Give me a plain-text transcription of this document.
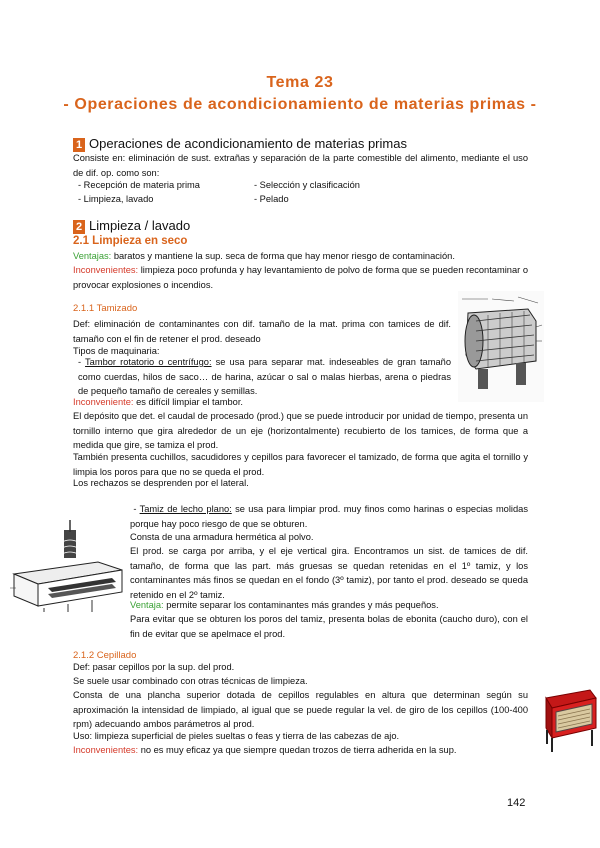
Tema 23
- Operaciones de acondicionamiento de materias primas -
1 Operaciones de acondicionamiento de materias primas
Consiste en: eliminación de sust. extrañas y separación de la parte comestible del alimento, mediante el uso de dif. op. como son:
- Recepción de materia prima	- Selección y clasificación
- Limpieza, lavado	- Pelado
2 Limpieza / lavado
2.1 Limpieza en seco
Ventajas: baratos y mantiene la sup. seca de forma que hay menor riesgo de contaminación.
Inconvenientes: limpieza poco profunda y hay levantamiento de polvo de forma que se pueden recontaminar o provocar explosiones o incendios.
2.1.1 Tamizado
Def: eliminación de contaminantes con dif. tamaño de la mat. prima con tamices de dif. tamaño con el fin de retener el prod. deseado
Tipos de maquinaria:
- Tambor rotatorio o centrífugo: se usa para separar mat. indeseables de gran tamaño como cuerdas, hilos de saco… de harina, azúcar o sal o malas hierbas, arena o piedras de pequeño tamaño de cereales y semillas.
Inconveniente: es difícil limpiar el tambor.
El depósito que det. el caudal de procesado (prod.) que se puede introducir por unidad de tiempo, presenta un tornillo interno que gira alrededor de un eje (horizontalmente) recubierto de los tamices, de forma que a medida que gire, se tamiza el prod.
También presenta cuchillos, sacudidores y cepillos para favorecer el tamizado, de forma que agita el tornillo y limpia los poros para que no se queda el prod.
Los rechazos se desprenden por el lateral.
- Tamiz de lecho plano: se usa para limpiar prod. muy finos como harinas o especias molidas porque hay poco riesgo de que se obturen.
Consta de una armadura hermética al polvo.
El prod. se carga por arriba, y el eje vertical gira. Encontramos un sist. de tamices de dif. tamaño, de forma que las part. más gruesas se quedan retenidas en el 1º tamiz, y los contaminantes más finos se quedan en el fondo (3º tamiz), por tanto el prod. deseado se queda retenido en el 2º tamiz.
Ventaja: permite separar los contaminantes más grandes y más pequeños.
Para evitar que se obturen los poros del tamiz, presenta bolas de ebonita (caucho duro), con el fin de evitar que se apelmace el prod.
2.1.2 Cepillado
Def: pasar cepillos por la sup. del prod.
Se suele usar combinado con otras técnicas de limpieza.
Consta de una plancha superior dotada de cepillos regulables en altura que determinan según su aproximación la intensidad de limpiado, al igual que se puede regular la vel. de giro de los cepillos (100-400 rpm) adecuando ambos parámetros al prod.
Uso: limpieza superficial de pieles sueltas o feas y tierra de las cabezas de ajo.
Inconvenientes: no es muy eficaz ya que siempre quedan trozos de tierra adherida en la sup.
142
